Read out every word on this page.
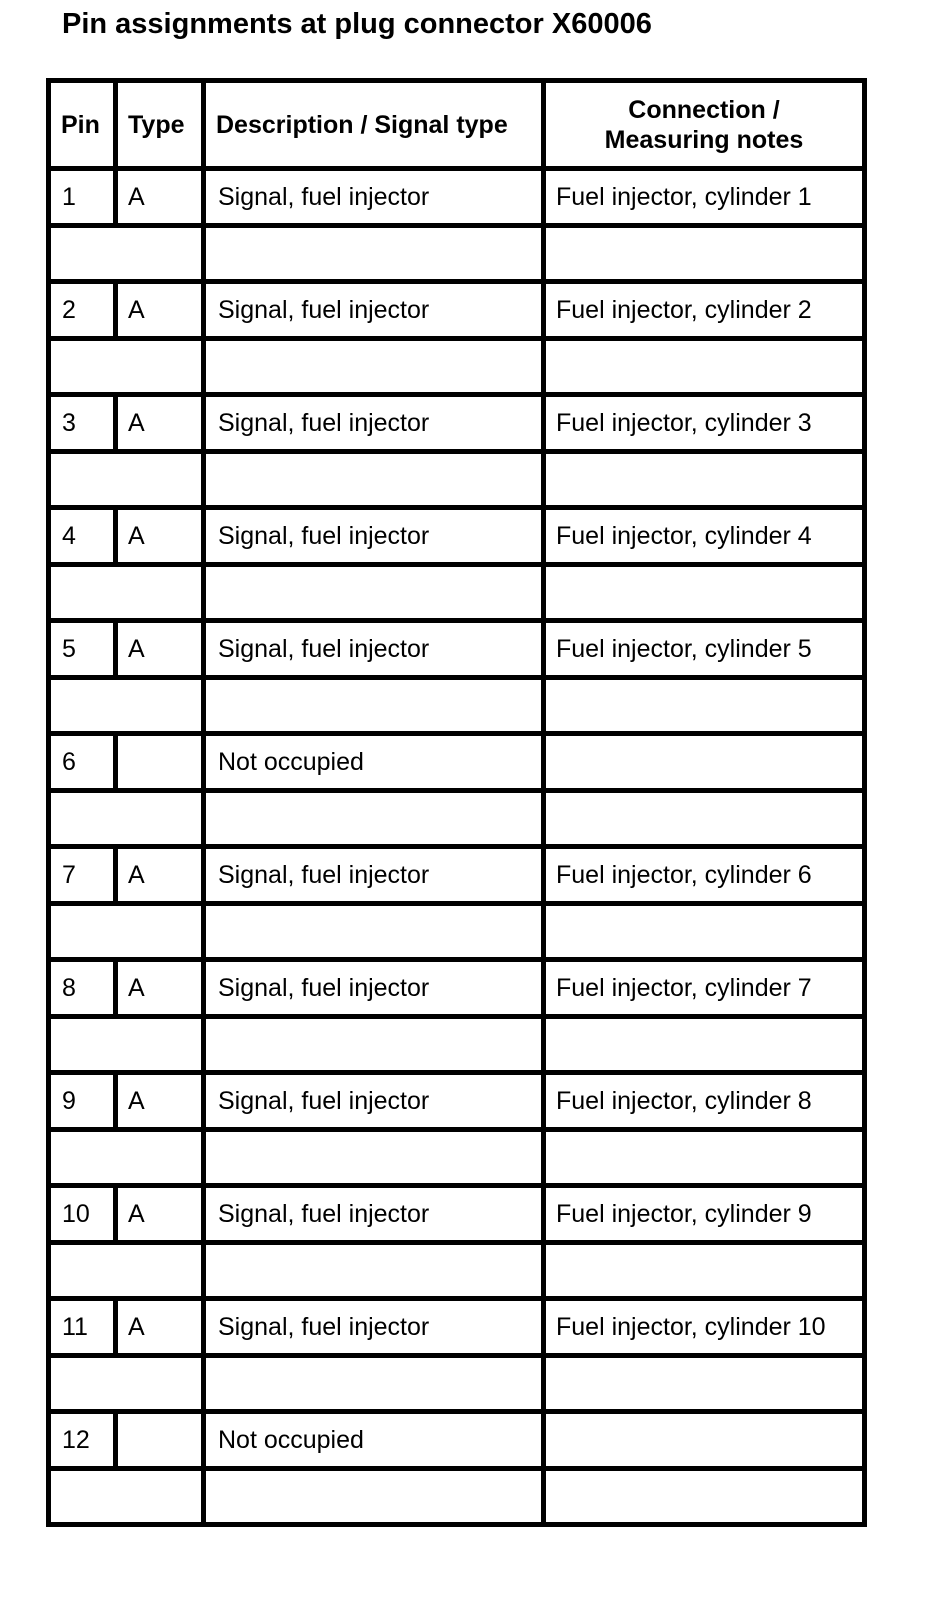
Pin assignments at plug connector X60006
Pin	Type	Description / Signal type	Connection /
Measuring notes
1	A	Signal, fuel injector	Fuel injector, cylinder 1

2	A	Signal, fuel injector	Fuel injector, cylinder 2

3	A	Signal, fuel injector	Fuel injector, cylinder 3

4	A	Signal, fuel injector	Fuel injector, cylinder 4

5	A	Signal, fuel injector	Fuel injector, cylinder 5

6		Not occupied	

7	A	Signal, fuel injector	Fuel injector, cylinder 6

8	A	Signal, fuel injector	Fuel injector, cylinder 7

9	A	Signal, fuel injector	Fuel injector, cylinder 8

10	A	Signal, fuel injector	Fuel injector, cylinder 9

11	A	Signal, fuel injector	Fuel injector, cylinder 10

12		Not occupied	
